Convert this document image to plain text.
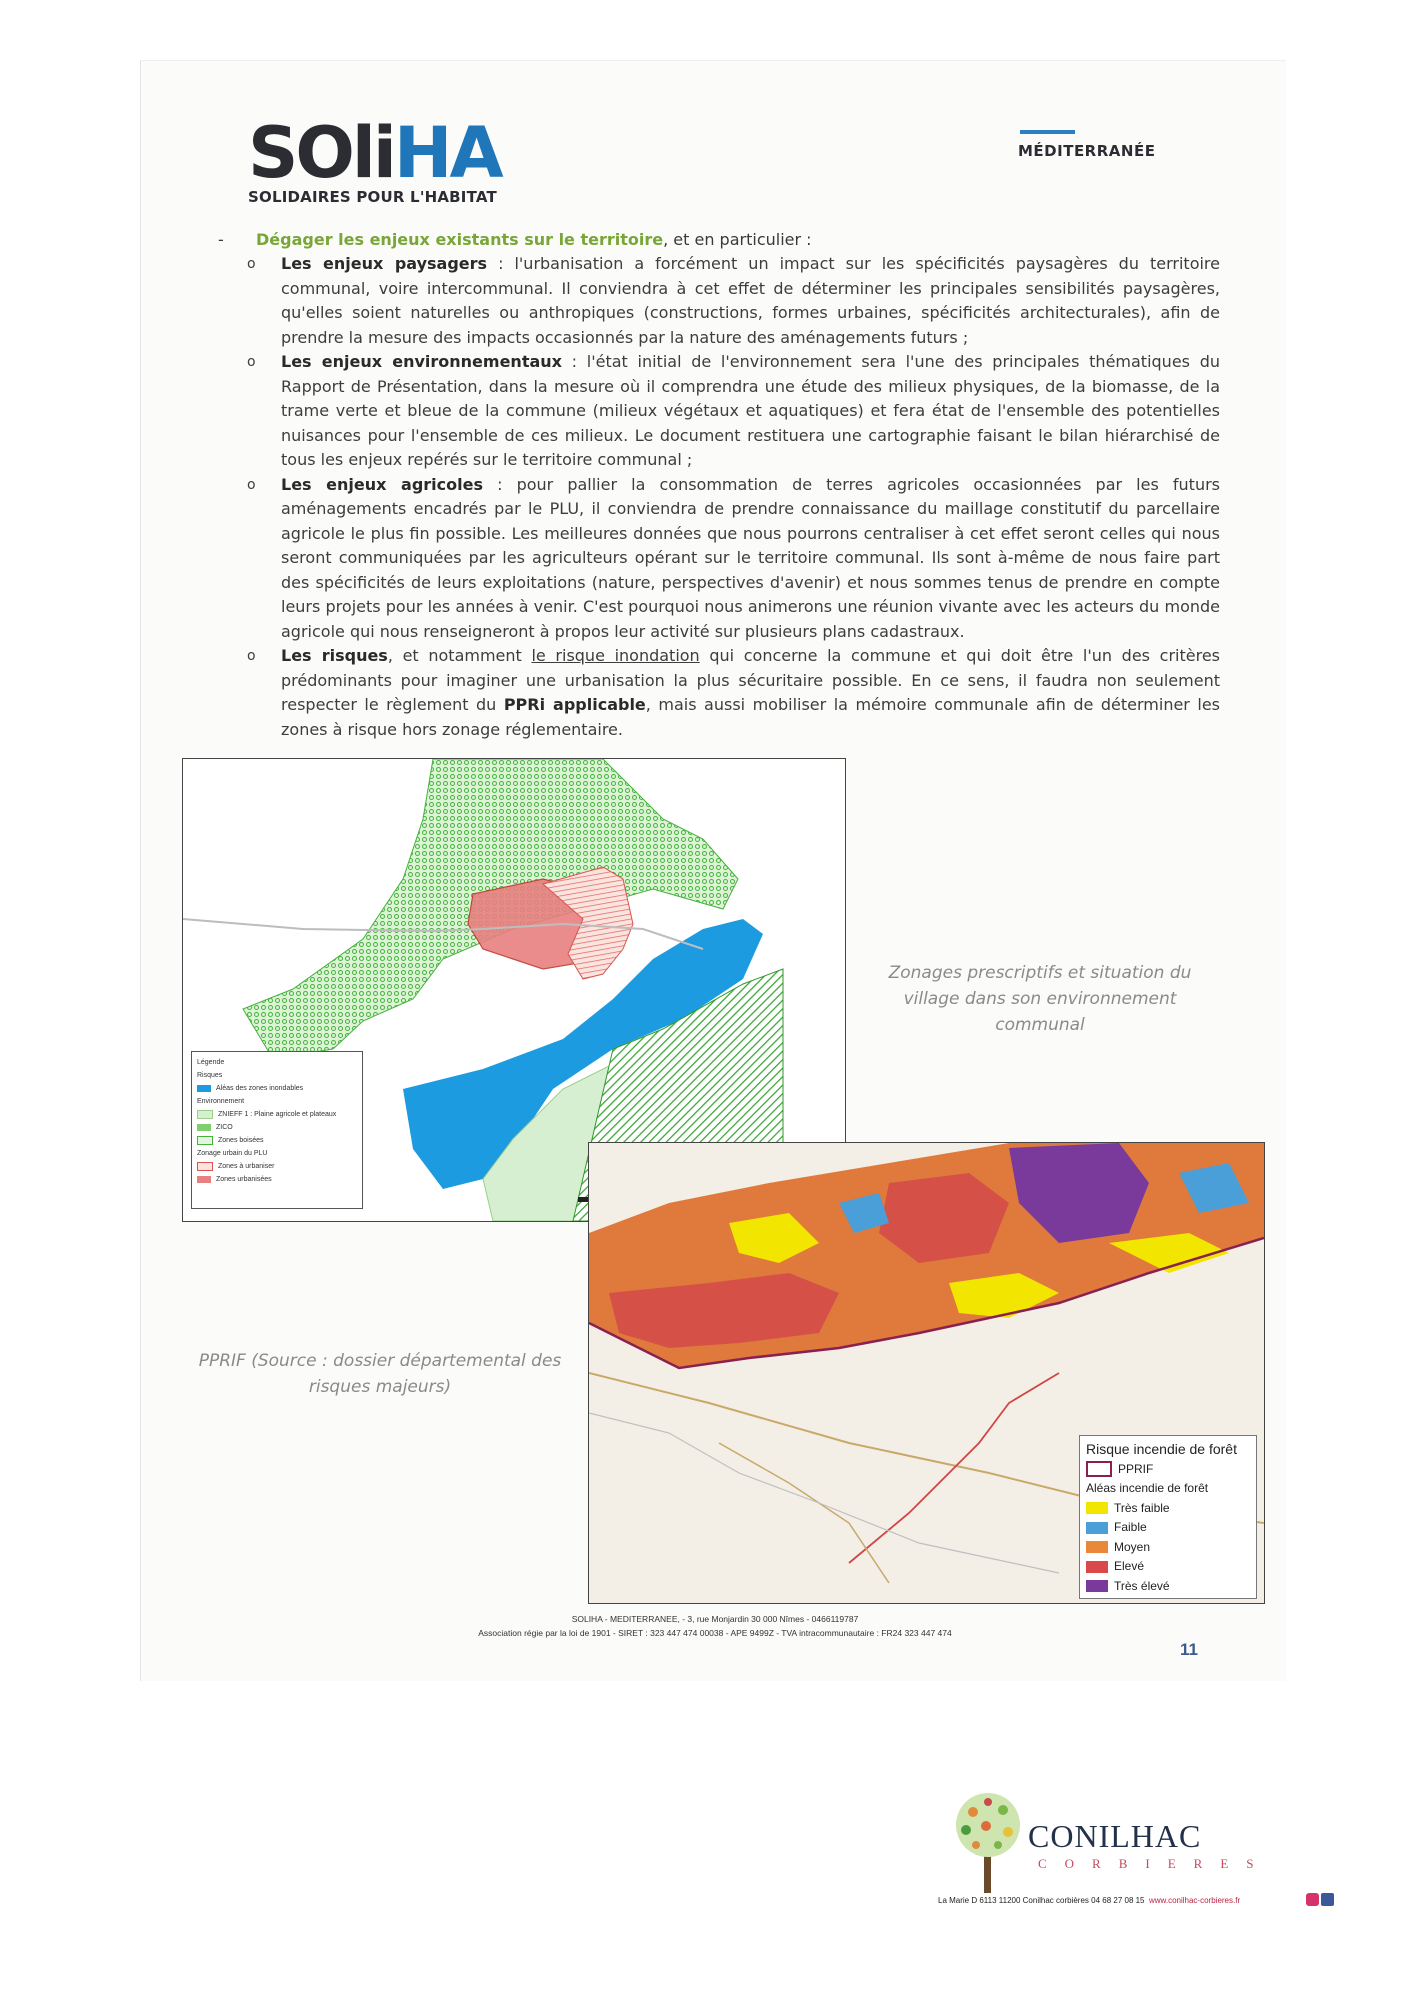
SOliHA
SOLIDAIRES POUR L'HABITAT
MÉDITERRANÉE
- Dégager les enjeux existants sur le territoire, et en particulier :
o Les enjeux paysagers : l'urbanisation a forcément un impact sur les spécificités paysagères du territoire communal, voire intercommunal. Il conviendra à cet effet de déterminer les principales sensibilités paysagères, qu'elles soient naturelles ou anthropiques (constructions, formes urbaines, spécificités architecturales), afin de prendre la mesure des impacts occasionnés par la nature des aménagements futurs ;
o Les enjeux environnementaux : l'état initial de l'environnement sera l'une des principales thématiques du Rapport de Présentation, dans la mesure où il comprendra une étude des milieux physiques, de la biomasse, de la trame verte et bleue de la commune (milieux végétaux et aquatiques) et fera état de l'ensemble des potentielles nuisances pour l'ensemble de ces milieux. Le document restituera une cartographie faisant le bilan hiérarchisé de tous les enjeux repérés sur le territoire communal ;
o Les enjeux agricoles : pour pallier la consommation de terres agricoles occasionnées par les futurs aménagements encadrés par le PLU, il conviendra de prendre connaissance du maillage constitutif du parcellaire agricole le plus fin possible. Les meilleures données que nous pourrons centraliser à cet effet seront celles qui nous seront communiquées par les agriculteurs opérant sur le territoire communal. Ils sont à-même de nous faire part des spécificités de leurs exploitations (nature, perspectives d'avenir) et nous sommes tenus de prendre en compte leurs projets pour les années à venir. C'est pourquoi nous animerons une réunion vivante avec les acteurs du monde agricole qui nous renseigneront à propos leur activité sur plusieurs plans cadastraux.
o Les risques, et notamment le risque inondation qui concerne la commune et qui doit être l'un des critères prédominants pour imaginer une urbanisation la plus sécuritaire possible. En ce sens, il faudra non seulement respecter le règlement du PPRi applicable, mais aussi mobiliser la mémoire communale afin de déterminer les zones à risque hors zonage réglementaire.
Légende
Risques
Aléas des zones inondables
Environnement
ZNIEFF 1 : Plaine agricole et plateaux
ZICO
Zones boisées
Zonage urbain du PLU
Zones à urbaniser
Zones urbanisées
Zonages prescriptifs et situation du village dans son environnement communal
Risque incendie de forêt
PPRIF
Aléas incendie de forêt
Très faible
Faible
Moyen
Elevé
Très élevé
PPRIF (Source : dossier départemental des risques majeurs)
SOLIHA - MEDITERRANEE, - 3, rue Monjardin 30 000 Nîmes - 0466119787
Association régie par la loi de 1901 - SIRET : 323 447 474 00038 - APE 9499Z - TVA intracommunautaire : FR24 323 447 474
11
CONILHAC
CORBIERES
La Marie D 6113 11200 Conilhac corbières 04 68 27 08 15 www.conilhac-corbieres.fr
